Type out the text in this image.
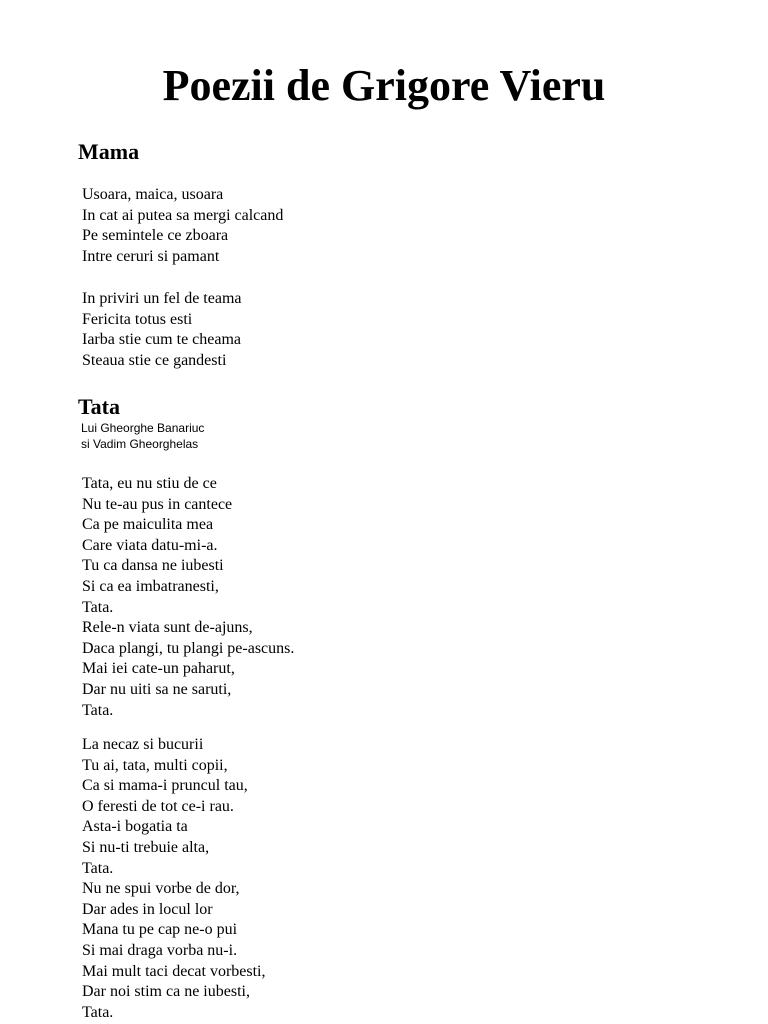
Poezii de Grigore Vieru
Mama
Usoara, maica, usoara
In cat ai putea sa mergi calcand
Pe semintele ce zboara
Intre ceruri si pamant
In priviri un fel de teama
Fericita totus esti
Iarba stie cum te cheama
Steaua stie ce gandesti
Tata
Lui Gheorghe Banariuc
si Vadim Gheorghelas
Tata, eu nu stiu de ce
Nu te-au pus in cantece
Ca pe maiculita mea
Care viata datu-mi-a.
Tu ca dansa ne iubesti
Si ca ea imbatranesti,
Tata.
Rele-n viata sunt de-ajuns,
Daca plangi, tu plangi pe-ascuns.
Mai iei cate-un paharut,
Dar nu uiti sa ne saruti,
Tata.
La necaz si bucurii
Tu ai, tata, multi copii,
Ca si mama-i pruncul tau,
O feresti de tot ce-i rau.
Asta-i bogatia ta
Si nu-ti trebuie alta,
Tata.
Nu ne spui vorbe de dor,
Dar ades in locul lor
Mana tu pe cap ne-o pui
Si mai draga vorba nu-i.
Mai mult taci decat vorbesti,
Dar noi stim ca ne iubesti,
Tata.
